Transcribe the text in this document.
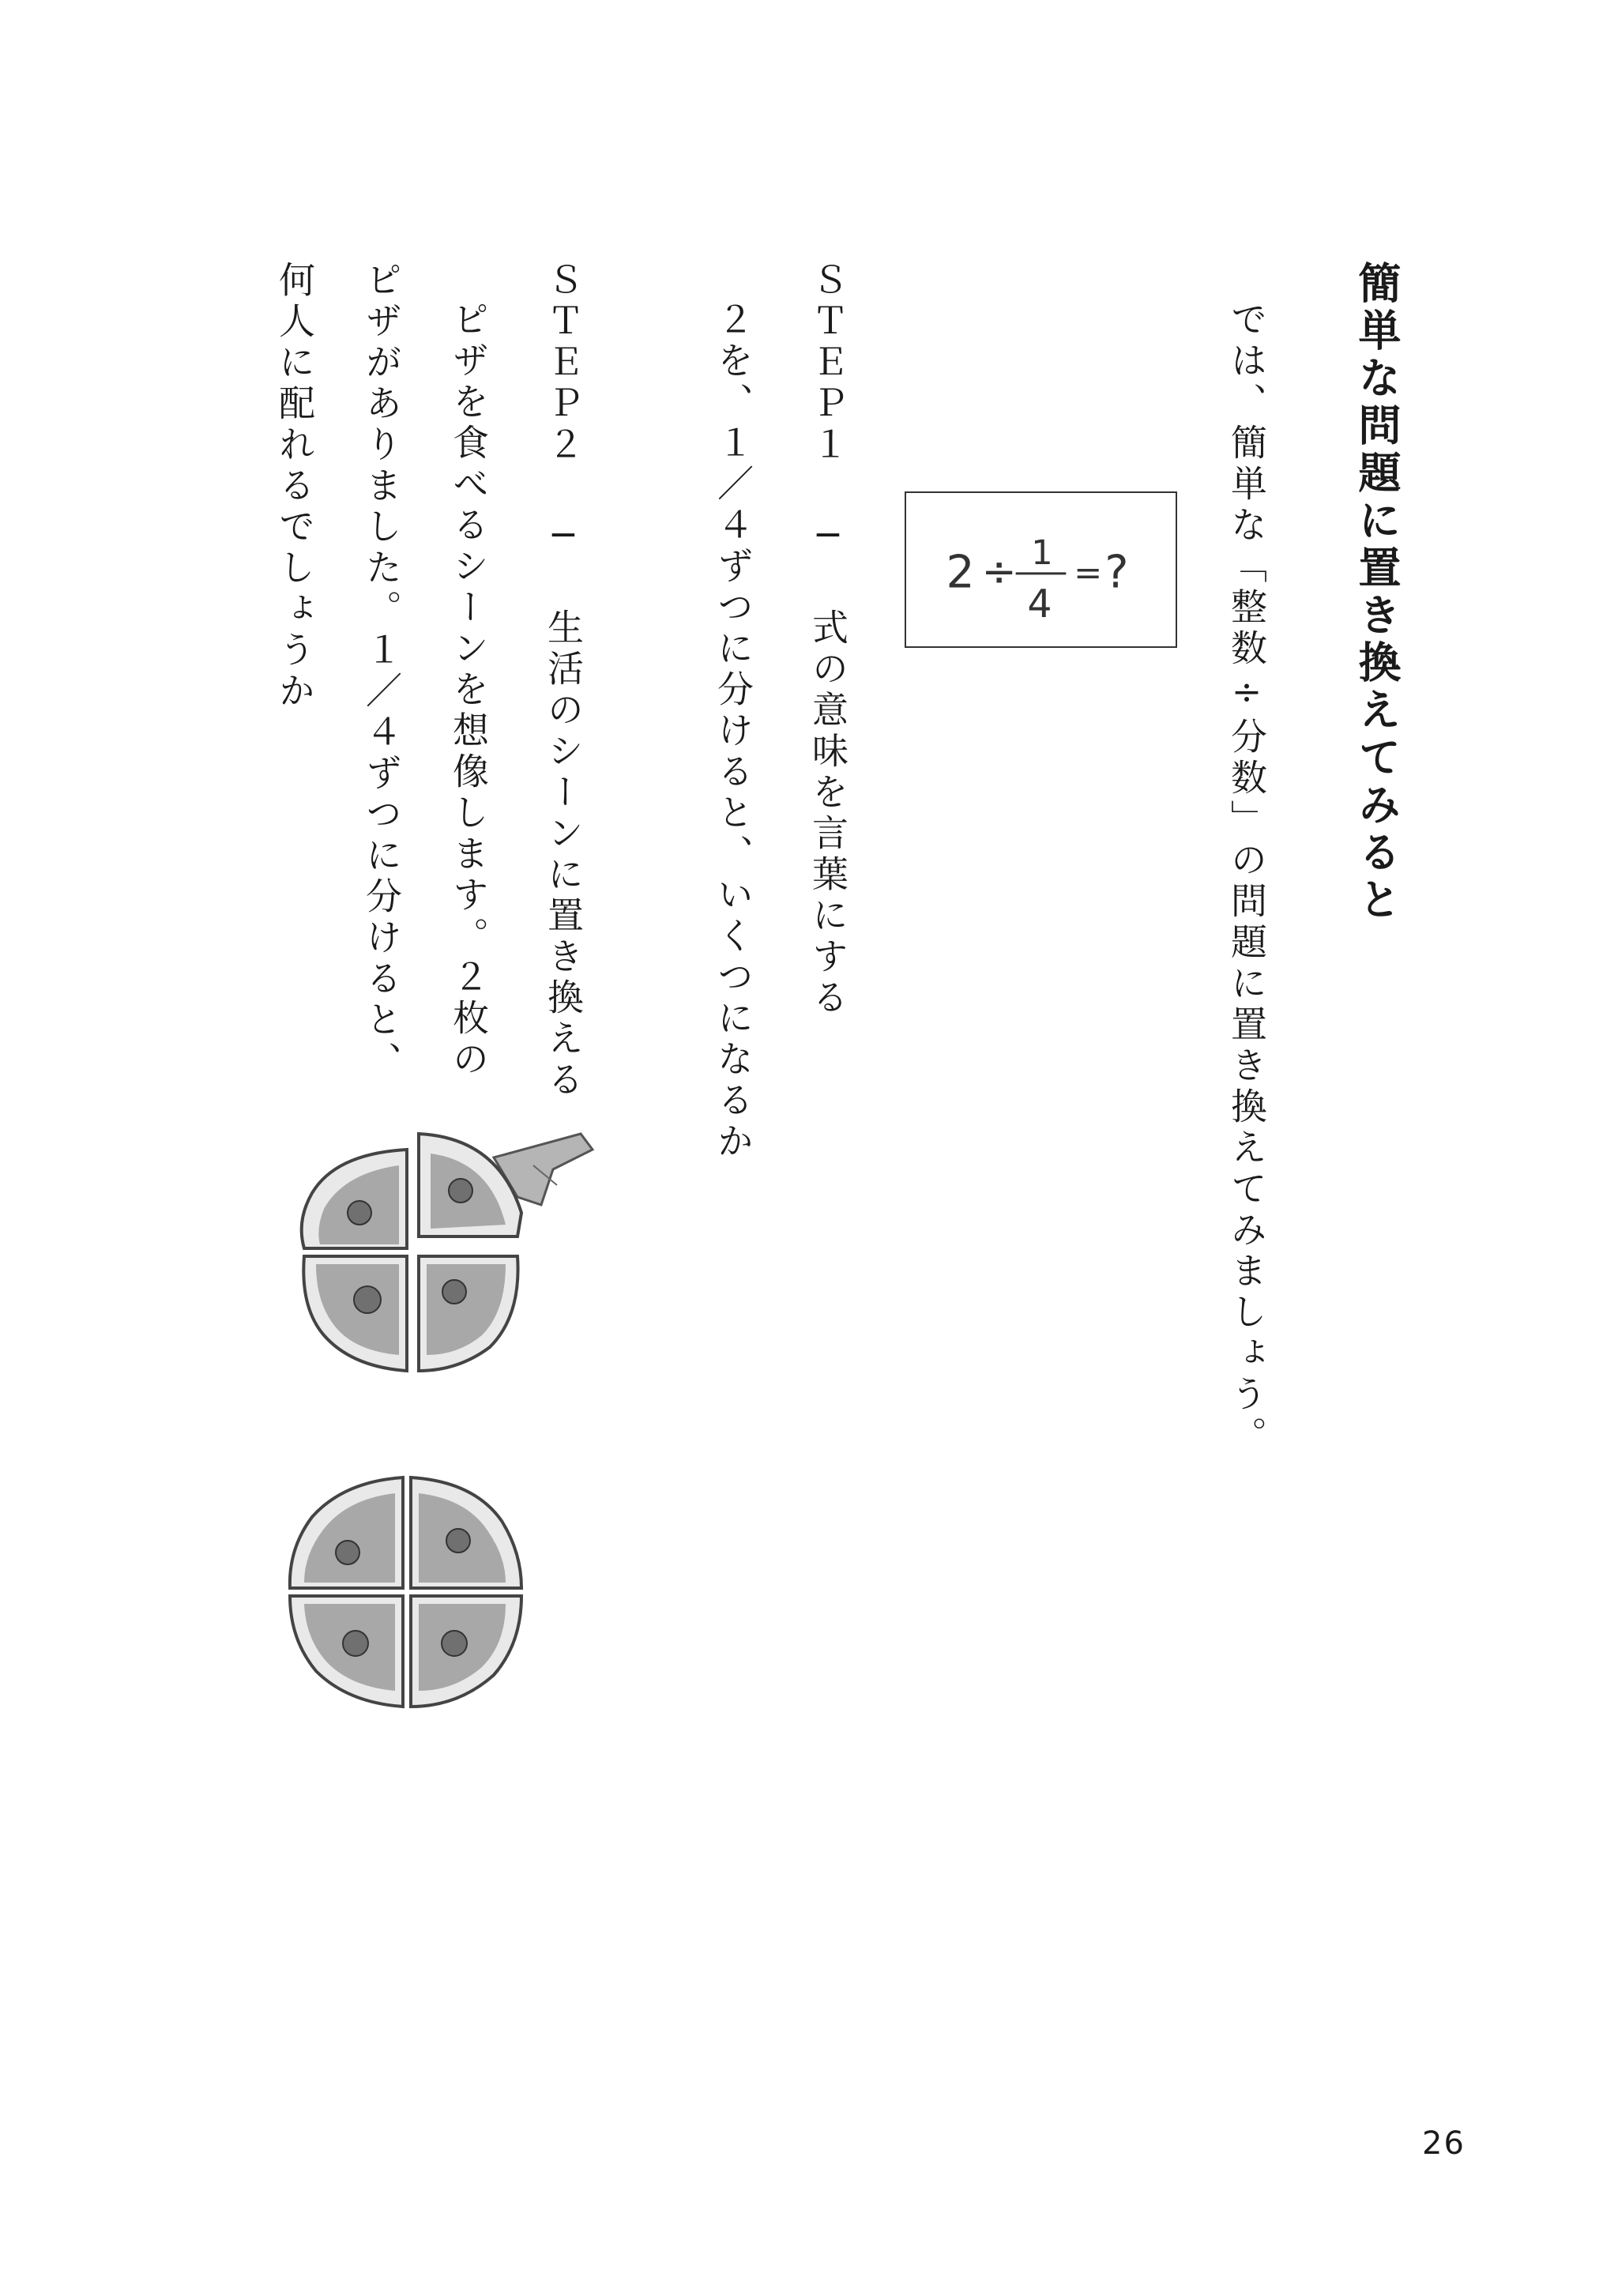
簡単な問題に置き換えてみると

では、簡単な「整数÷分数」の問題に置き換えてみましょう。

2 ÷ 1
4
= ?

ＳＴＥＰ１ ─ 式の意味を言葉にする

２を、１／４ずつに分けると、いくつになるか

ＳＴＥＰ２ ─ 生活のシーンに置き換える

ピザを食べるシーンを想像します。２枚の

ピザがありました。１／４ずつに分けると、

何人に配れるでしょうか

26
